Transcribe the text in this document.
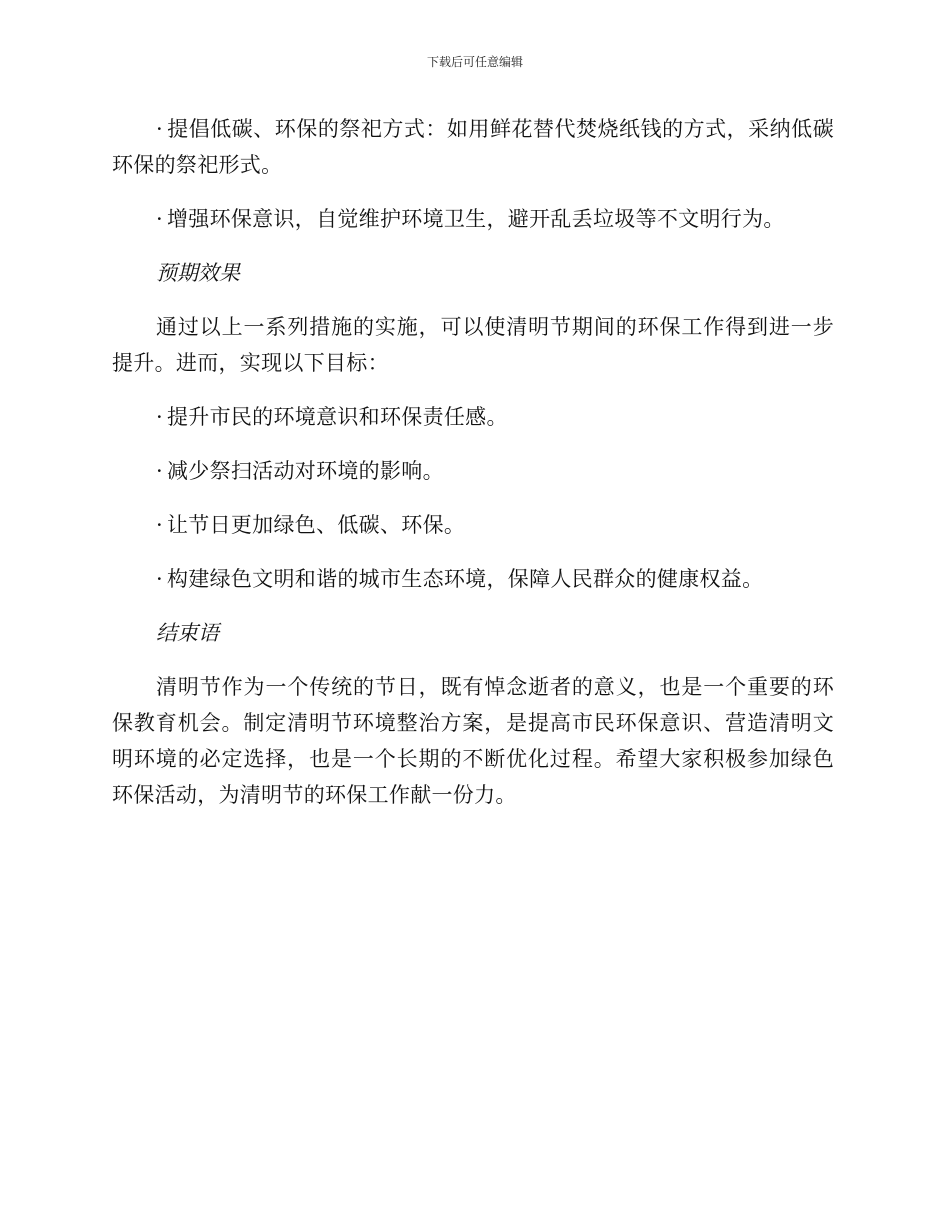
下载后可任意编辑

· 提倡低碳、环保的祭祀方式：如用鲜花替代焚烧纸钱的方式，采纳低碳环保的祭祀形式。

· 增强环保意识，自觉维护环境卫生，避开乱丢垃圾等不文明行为。

预期效果

通过以上一系列措施的实施，可以使清明节期间的环保工作得到进一步提升。进而，实现以下目标：

· 提升市民的环境意识和环保责任感。

· 减少祭扫活动对环境的影响。

· 让节日更加绿色、低碳、环保。

· 构建绿色文明和谐的城市生态环境，保障人民群众的健康权益。

结束语

清明节作为一个传统的节日，既有悼念逝者的意义，也是一个重要的环保教育机会。制定清明节环境整治方案，是提高市民环保意识、营造清明文明环境的必定选择，也是一个长期的不断优化过程。希望大家积极参加绿色环保活动，为清明节的环保工作献一份力。
